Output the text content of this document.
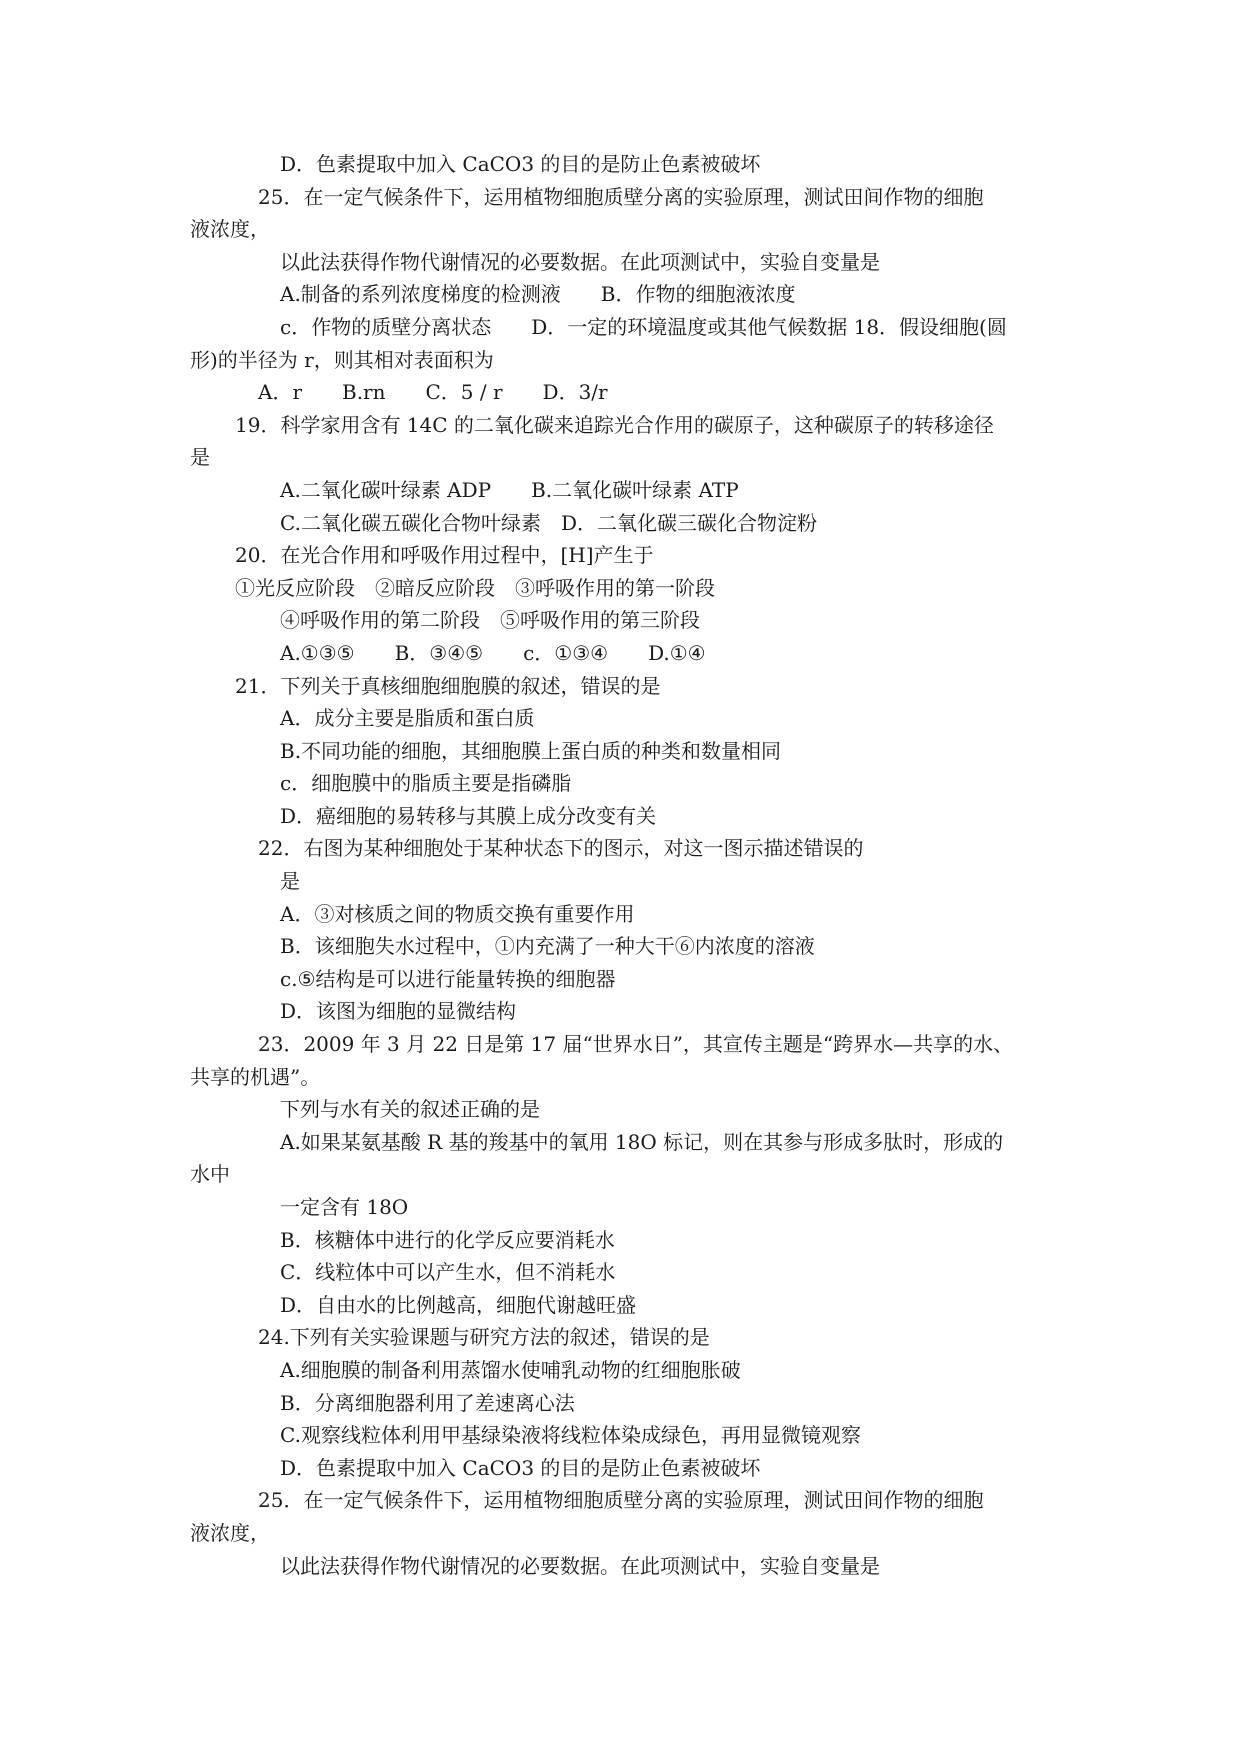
D．色素提取中加入 CaCO3 的目的是防止色素被破坏
25．在一定气候条件下，运用植物细胞质壁分离的实验原理，测试田间作物的细胞
液浓度，
以此法获得作物代谢情况的必要数据。在此项测试中，实验自变量是
A.制备的系列浓度梯度的检测液　　B．作物的细胞液浓度
c．作物的质壁分离状态　　D．一定的环境温度或其他气候数据 18．假设细胞(圆
形)的半径为 r，则其相对表面积为
A．r　　B.rn　　C．5 / r　　D．3/r
19．科学家用含有 14C 的二氧化碳来追踪光合作用的碳原子，这种碳原子的转移途径
是
A.二氧化碳叶绿素 ADP　　B.二氧化碳叶绿素 ATP
C.二氧化碳五碳化合物叶绿素　D．二氧化碳三碳化合物淀粉
20．在光合作用和呼吸作用过程中，[H]产生于
①光反应阶段　②暗反应阶段　③呼吸作用的第一阶段
④呼吸作用的第二阶段　⑤呼吸作用的第三阶段
A.①③⑤　　B．③④⑤　　c．①③④　　D.①④
21．下列关于真核细胞细胞膜的叙述，错误的是
A．成分主要是脂质和蛋白质
B.不同功能的细胞，其细胞膜上蛋白质的种类和数量相同
c．细胞膜中的脂质主要是指磷脂
D．癌细胞的易转移与其膜上成分改变有关
22．右图为某种细胞处于某种状态下的图示，对这一图示描述错误的
是
A．③对核质之间的物质交换有重要作用
B．该细胞失水过程中，①内充满了一种大干⑥内浓度的溶液
c.⑤结构是可以进行能量转换的细胞器
D．该图为细胞的显微结构
23．2009 年 3 月 22 日是第 17 届“世界水日”，其宣传主题是“跨界水—共享的水、
共享的机遇”。
下列与水有关的叙述正确的是
A.如果某氨基酸 R 基的羧基中的氧用 18O 标记，则在其参与形成多肽时，形成的
水中
一定含有 18O
B．核糖体中进行的化学反应要消耗水
C．线粒体中可以产生水，但不消耗水
D．自由水的比例越高，细胞代谢越旺盛
24.下列有关实验课题与研究方法的叙述，错误的是
A.细胞膜的制备利用蒸馏水使哺乳动物的红细胞胀破
B．分离细胞器利用了差速离心法
C.观察线粒体利用甲基绿染液将线粒体染成绿色，再用显微镜观察
D．色素提取中加入 CaCO3 的目的是防止色素被破坏
25．在一定气候条件下，运用植物细胞质壁分离的实验原理，测试田间作物的细胞
液浓度，
以此法获得作物代谢情况的必要数据。在此项测试中，实验自变量是
